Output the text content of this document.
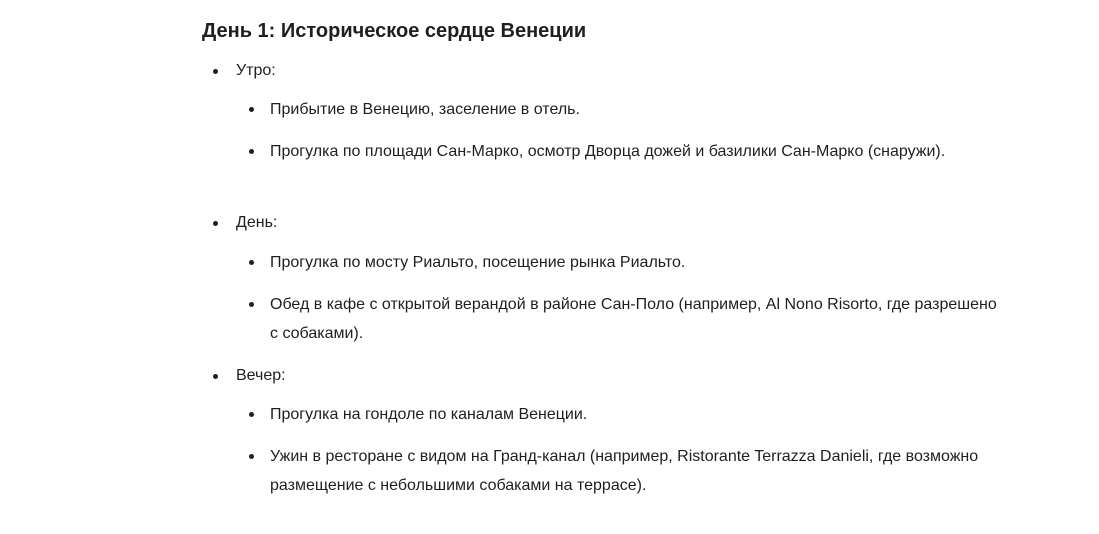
День 1: Историческое сердце Венеции
Утро:
Прибытие в Венецию, заселение в отель.
Прогулка по площади Сан-Марко, осмотр Дворца дожей и базилики Сан-Марко (снаружи).
День:
Прогулка по мосту Риальто, посещение рынка Риальто.
Обед в кафе с открытой верандой в районе Сан-Поло (например, Al Nono Risorto, где разрешено с собаками).
Вечер:
Прогулка на гондоле по каналам Венеции.
Ужин в ресторане с видом на Гранд-канал (например, Ristorante Terrazza Danieli, где возможно размещение с небольшими собаками на террасе).
